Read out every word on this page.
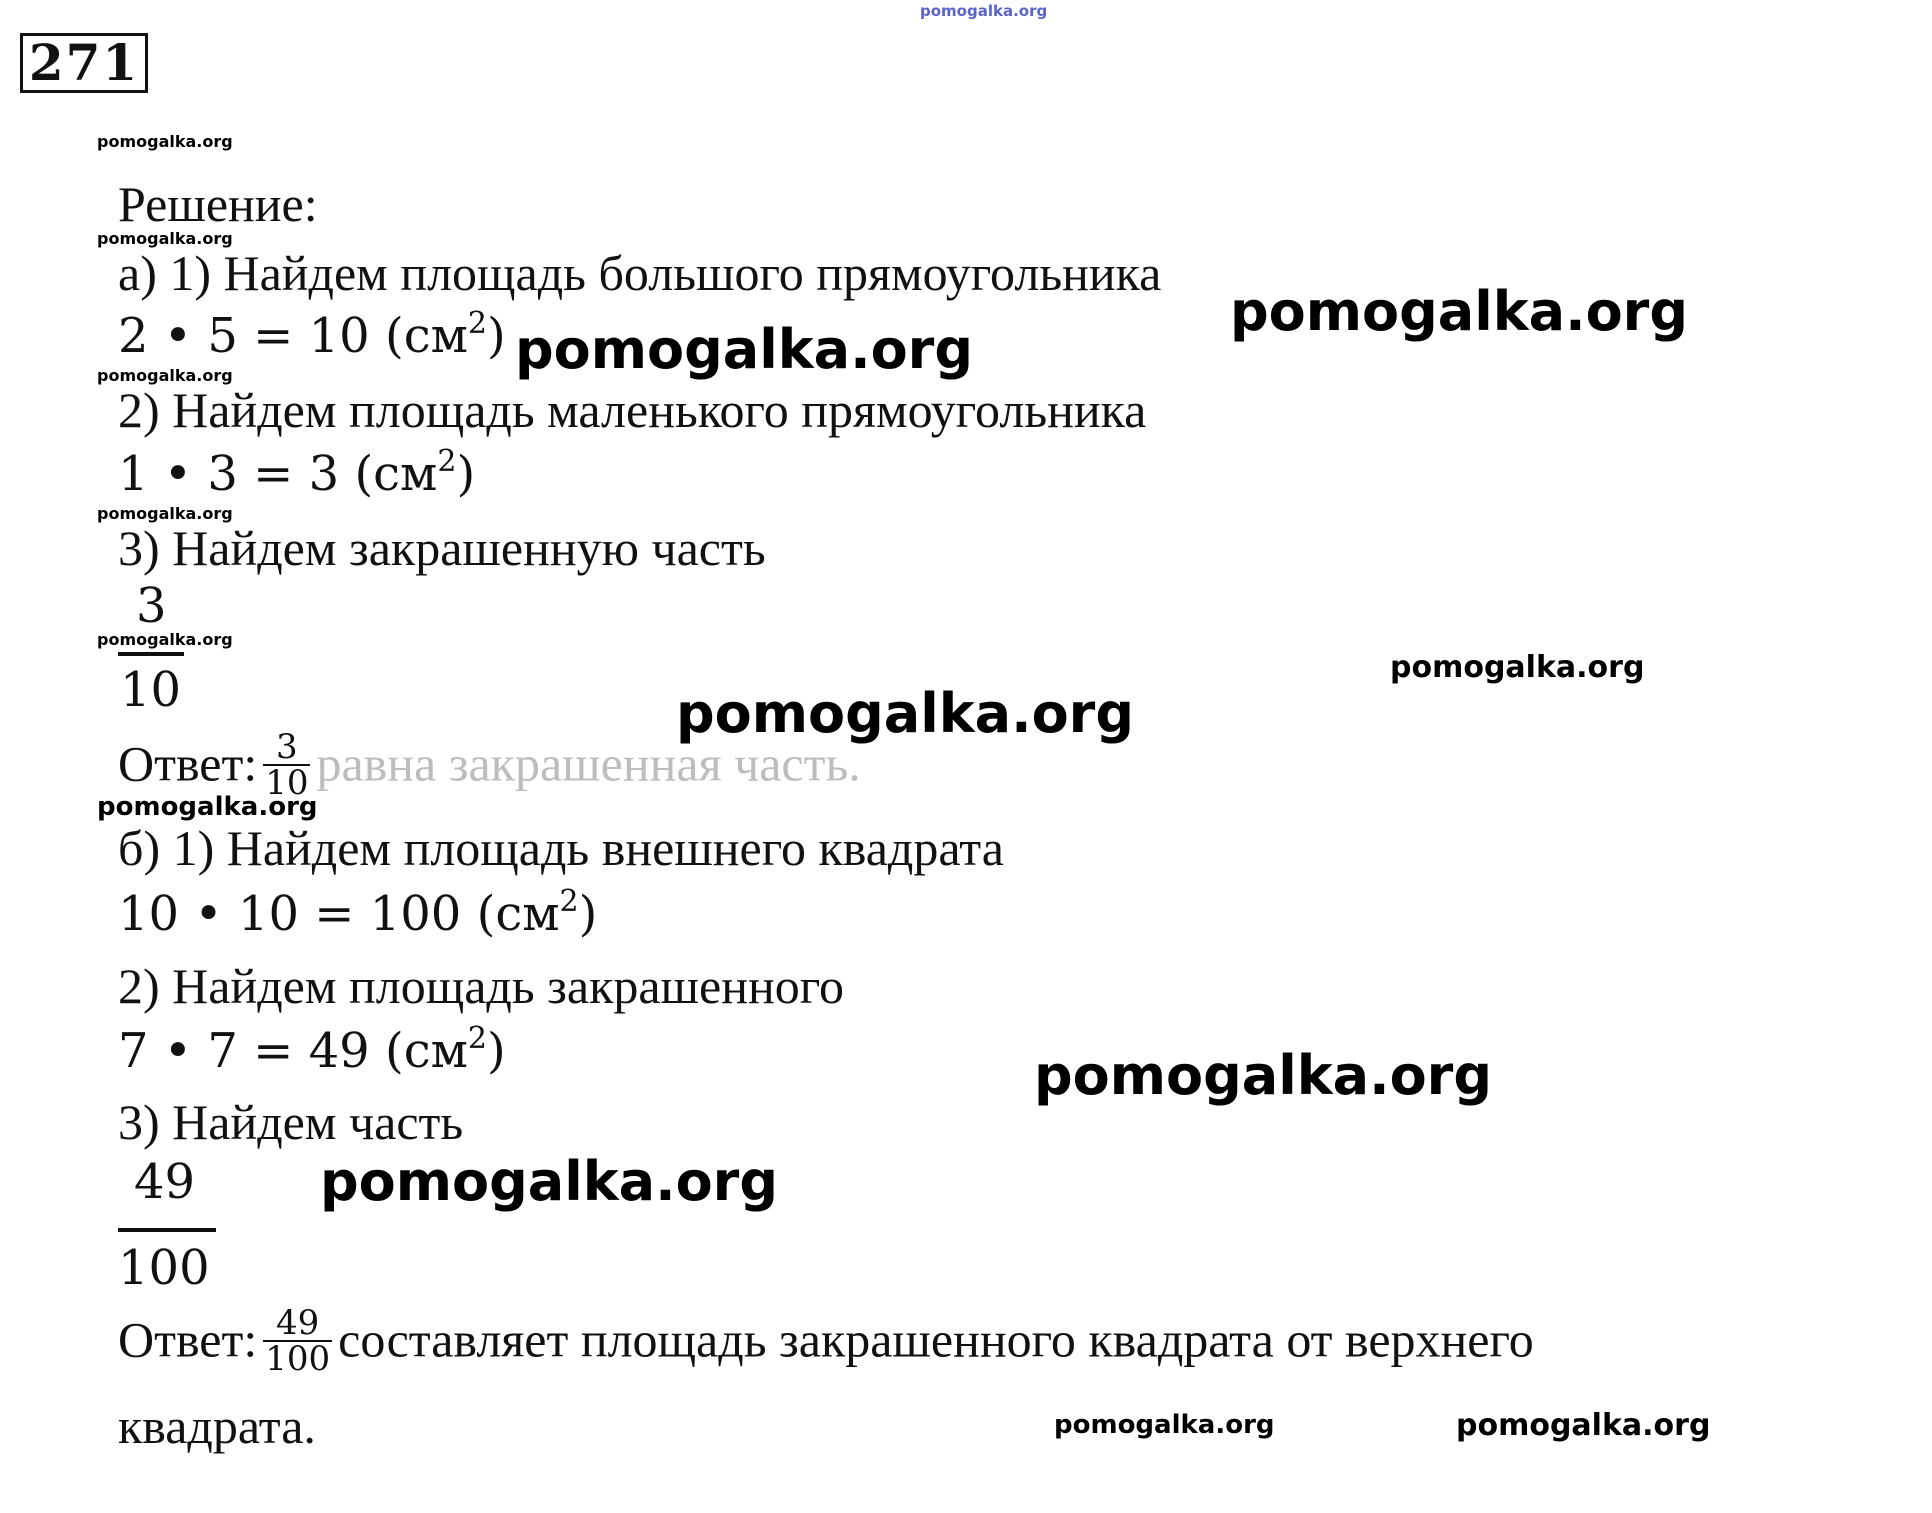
pomogalka.org
271
pomogalka.org
Решение:
pomogalka.org
а) 1) Найдем площадь большого прямоугольника
pomogalka.org
2 • 5 = 10 $(см^2)$ pomogalka.org
pomogalka.org
2) Найдем площадь маленького прямоугольника
1 • 3 = 3 $(см^2)$
pomogalka.org
3) Найдем закрашенную часть
3
pomogalka.org
10	pomogalka.org
pomogalka.org
Ответ: $\frac{3}{10}$ равна закрашенная часть.
pomogalka.org
б) 1) Найдем площадь внешнего квадрата
10 • 10 = 100 $(см^2)$
2) Найдем площадь закрашенного
7 • 7 = 49 $(см^2)$	pomogalka.org
3) Найдем часть
49 pomogalka.org
100
Ответ: $\frac{49}{100}$ составляет площадь закрашенного квадрата от верхнего
квадрата.	pomogalka.org	pomogalka.org
